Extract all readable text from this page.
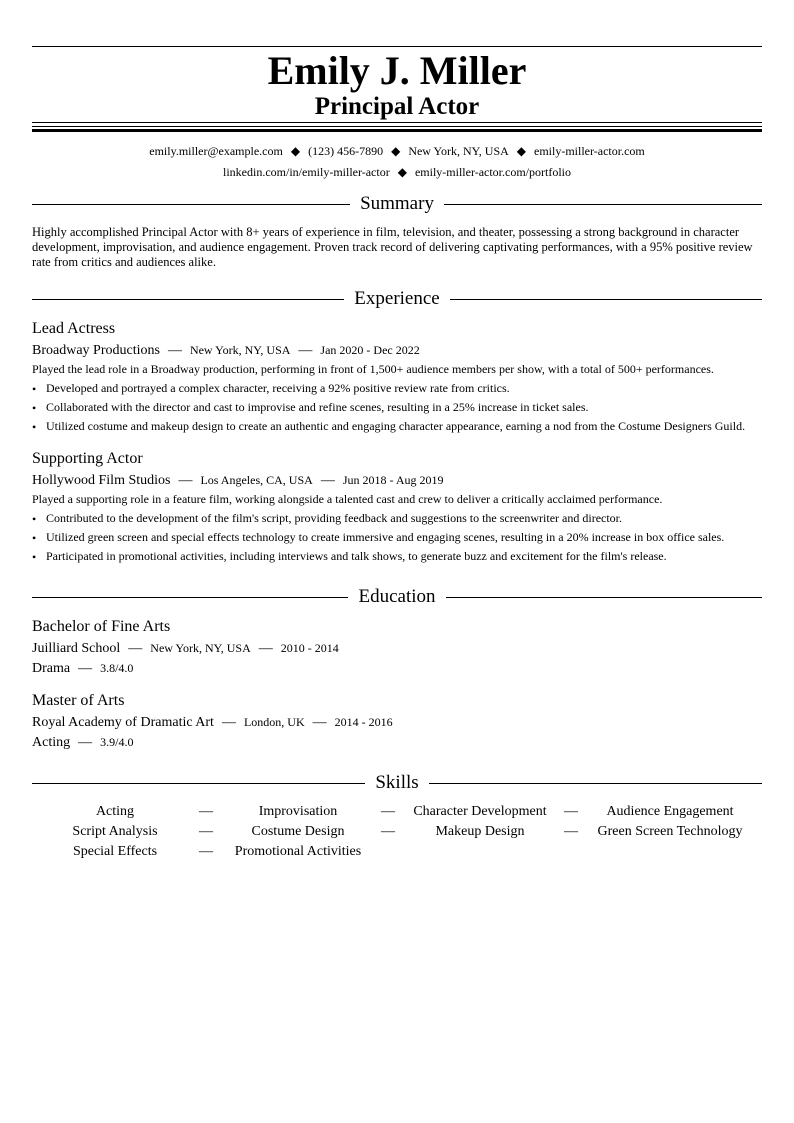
Emily J. Miller
Principal Actor
emily.miller@example.com ◆ (123) 456-7890 ◆ New York, NY, USA ◆ emily-miller-actor.com
linkedin.com/in/emily-miller-actor ◆ emily-miller-actor.com/portfolio
Summary
Highly accomplished Principal Actor with 8+ years of experience in film, television, and theater, possessing a strong background in character development, improvisation, and audience engagement. Proven track record of delivering captivating performances, with a 95% positive review rate from critics and audiences alike.
Experience
Lead Actress
Broadway Productions — New York, NY, USA — Jan 2020 - Dec 2022
Played the lead role in a Broadway production, performing in front of 1,500+ audience members per show, with a total of 500+ performances.
• Developed and portrayed a complex character, receiving a 92% positive review rate from critics.
• Collaborated with the director and cast to improvise and refine scenes, resulting in a 25% increase in ticket sales.
• Utilized costume and makeup design to create an authentic and engaging character appearance, earning a nod from the Costume Designers Guild.
Supporting Actor
Hollywood Film Studios — Los Angeles, CA, USA — Jun 2018 - Aug 2019
Played a supporting role in a feature film, working alongside a talented cast and crew to deliver a critically acclaimed performance.
• Contributed to the development of the film's script, providing feedback and suggestions to the screenwriter and director.
• Utilized green screen and special effects technology to create immersive and engaging scenes, resulting in a 20% increase in box office sales.
• Participated in promotional activities, including interviews and talk shows, to generate buzz and excitement for the film's release.
Education
Bachelor of Fine Arts
Juilliard School — New York, NY, USA — 2010 - 2014
Drama — 3.8/4.0
Master of Arts
Royal Academy of Dramatic Art — London, UK — 2014 - 2016
Acting — 3.9/4.0
Skills
Acting	—	Improvisation	—	Character Development	—	Audience Engagement
Script Analysis	—	Costume Design	—	Makeup Design	—	Green Screen Technology
Special Effects	—	Promotional Activities
